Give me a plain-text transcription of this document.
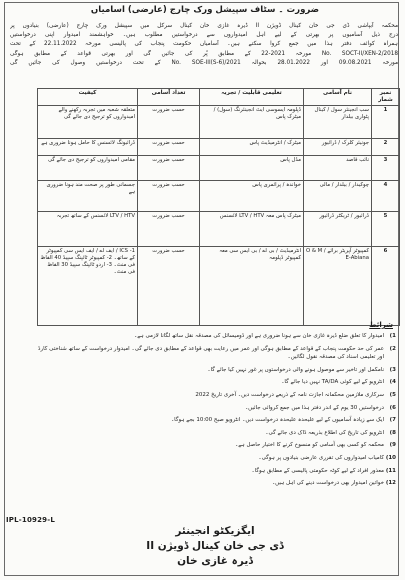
ضرورت ۔ سٹاف سپیشل ورک چارج (عارضی) آسامیاں
محکمہ آبپاشی ڈی جی خان کینال ڈویژن II ڈیرہ غازی خان کینال سرکل میں سپیشل ورک چارج (عارضی) بنیادوں پر
درج ذیل آسامیوں پر بھرتی کے لیے اہل امیدواروں سے درخواستیں مطلوب ہیں۔ خواہشمند امیدوار اپنی درخواستیں
ہمراہ کوائف دفتر ہذا میں جمع کروا سکتے ہیں۔ آسامیاں حکومت پنجاب کی پالیسی مورخہ 22.11.2022 کے تحت
No. SOCT-II/XEN-2/2018 مورخہ 2021-22 کے مطابق پُر کی جائیں گی اور بھرتی قواعد کے مطابق ہوگی
مورخہ 09.08.2021 اور 28.01.2022 بحوالہ No. SOE-III(S-6)/2021 کے تحت درخواستیں وصول کی جائیں گی
نمبر شمار	نام آسامی	تعلیمی قابلیت / تجربہ	تعداد آسامی	کیفیت
1	سب انجینئر سول / کینال پٹواری بیلدار	ڈپلومہ ایسوسی ایٹ انجینئرنگ (سول) / میٹرک پاس	حسب ضرورت	متعلقہ شعبہ میں تجربہ رکھنے والے امیدواروں کو ترجیح دی جائے گی
2	جونیئر کلرک / ڈرائیور	میٹرک / انٹرمیڈیٹ پاس	حسب ضرورت	ڈرائیونگ لائسنس کا حامل ہونا ضروری ہے
3	نائب قاصد	مڈل پاس	حسب ضرورت	مقامی امیدواروں کو ترجیح دی جائے گی
4	چوکیدار / بیلدار / مالی	خواندہ / پرائمری پاس	حسب ضرورت	جسمانی طور پر صحت مند ہونا ضروری ہے
5	ڈرائیور / ٹریکٹر ڈرائیور	میٹرک پاس معہ LTV / HTV لائسنس	حسب ضرورت	LTV / HTV لائسنس کے ساتھ تجربہ
6	کمپیوٹر آپریٹر برائے O & M / E-Abiana	انٹرمیڈیٹ / بی اے / بی ایس سی معہ کمپیوٹر ڈپلومہ	حسب ضرورت	1- ICS / ایف اے / ایف ایس سی کمپیوٹر کے ساتھ۔ 2- کمپیوٹر ٹائپنگ سپیڈ 40 الفاظ فی منٹ۔ 3- اردو ٹائپنگ سپیڈ 30 الفاظ فی منٹ۔
شرائط
1)
امیدوار کا تعلق ضلع ڈیرہ غازی خان سے ہونا ضروری ہے اور ڈومیسائل کی مصدقہ نقل ساتھ لگانا لازمی ہے۔
2)
عمر کی حد حکومت پنجاب کے قواعد کے مطابق ہوگی اور عمر میں رعایت بھی قواعد کے مطابق دی جائے گی۔ امیدوار درخواست کے ساتھ شناختی کارڈ اور تعلیمی اسناد کی مصدقہ نقول لگائیں۔
3)
نامکمل اور تاخیر سے موصول ہونے والی درخواستوں پر غور نہیں کیا جائے گا۔
4)
انٹرویو کے لیے کوئی TA/DA نہیں دیا جائے گا۔
5)
سرکاری ملازمین محکمانہ اجازت نامہ کے ذریعے درخواست دیں۔ آخری تاریخ 2022
6)
درخواستیں 30 یوم کے اندر دفتر ہذا میں جمع کروائی جائیں۔
7)
ایک سے زیادہ آسامیوں کے لیے علیحدہ علیحدہ درخواست دیں۔ انٹرویو صبح 10:00 بجے ہوگا۔
8)
انٹرویو کی تاریخ کی اطلاع بذریعہ ڈاک دی جائے گی۔
9)
محکمہ کو کسی بھی آسامی کو منسوخ کرنے کا اختیار حاصل ہے۔
10)
کامیاب امیدواروں کی تقرری عارضی بنیادوں پر ہوگی۔
11)
معذور افراد کے لیے کوٹہ حکومتی پالیسی کے مطابق ہوگا۔
12)
خواتین امیدوار بھی درخواست دینے کی اہل ہیں۔
IPL-10929-L
ایگزیکٹو انجینئر
ڈی جی خان کینال ڈویژن II
ڈیرہ غازی خان
